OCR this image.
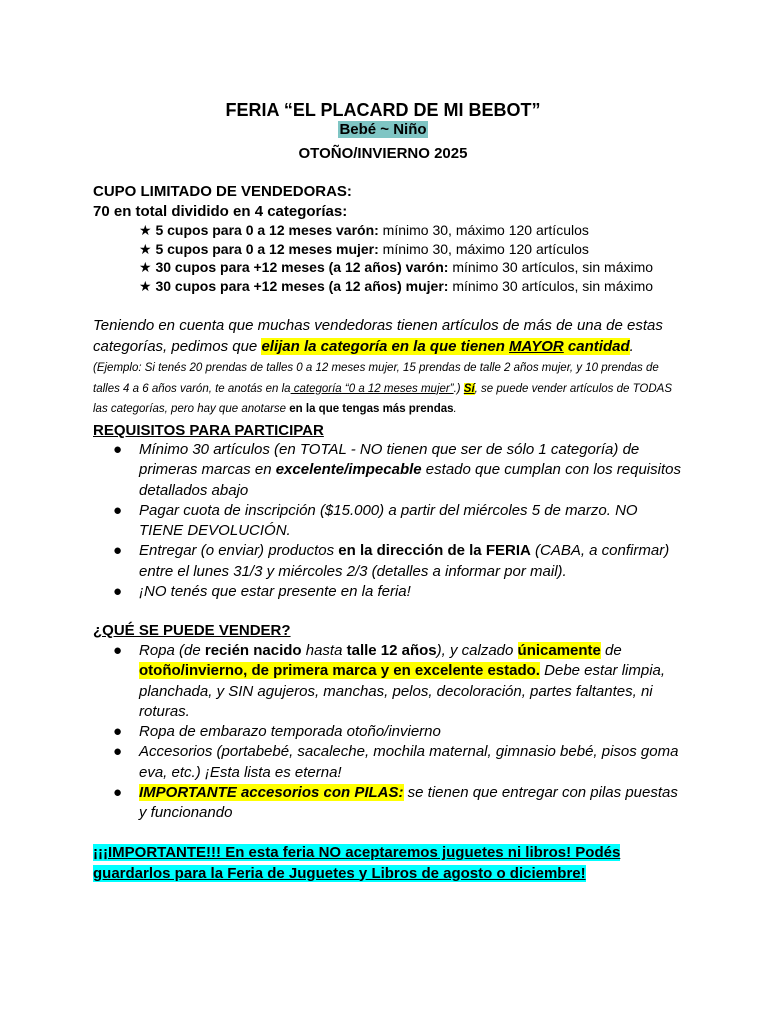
FERIA “EL PLACARD DE MI BEBOT”
Bebé ~ Niño
OTOÑO/INVIERNO 2025
CUPO LIMITADO DE VENDEDORAS:
70 en total dividido en 4 categorías:
★ 5 cupos para 0 a 12 meses varón: mínimo 30, máximo 120 artículos
★ 5 cupos para 0 a 12 meses mujer: mínimo 30, máximo 120 artículos
★ 30 cupos para +12 meses (a 12 años) varón: mínimo 30 artículos, sin máximo
★ 30 cupos para +12 meses (a 12 años) mujer: mínimo 30 artículos, sin máximo
Teniendo en cuenta que muchas vendedoras tienen artículos de más de una de estas categorías, pedimos que elijan la categoría en la que tienen MAYOR cantidad. (Ejemplo: Si tenés 20 prendas de talles 0 a 12 meses mujer, 15 prendas de talle 2 años mujer, y 10 prendas de talles 4 a 6 años varón, te anotás en la categoría “0 a 12 meses mujer”.) Sí, se puede vender artículos de TODAS las categorías, pero hay que anotarse en la que tengas más prendas.
REQUISITOS PARA PARTICIPAR
● Mínimo 30 artículos (en TOTAL - NO tienen que ser de sólo 1 categoría) de primeras marcas en excelente/impecable estado que cumplan con los requisitos detallados abajo
● Pagar cuota de inscripción ($15.000) a partir del miércoles 5 de marzo. NO TIENE DEVOLUCIÓN.
● Entregar (o enviar) productos en la dirección de la FERIA (CABA, a confirmar) entre el lunes 31/3 y miércoles 2/3 (detalles a informar por mail).
● ¡NO tenés que estar presente en la feria!
¿QUÉ SE PUEDE VENDER?
● Ropa (de recién nacido hasta talle 12 años), y calzado únicamente de otoño/invierno, de primera marca y en excelente estado. Debe estar limpia, planchada, y SIN agujeros, manchas, pelos, decoloración, partes faltantes, ni roturas.
● Ropa de embarazo temporada otoño/invierno
● Accesorios (portabebé, sacaleche, mochila maternal, gimnasio bebé, pisos goma eva, etc.) ¡Esta lista es eterna!
● IMPORTANTE accesorios con PILAS: se tienen que entregar con pilas puestas y funcionando
¡¡¡IMPORTANTE!!! En esta feria NO aceptaremos juguetes ni libros! Podés guardarlos para la Feria de Juguetes y Libros de agosto o diciembre!
